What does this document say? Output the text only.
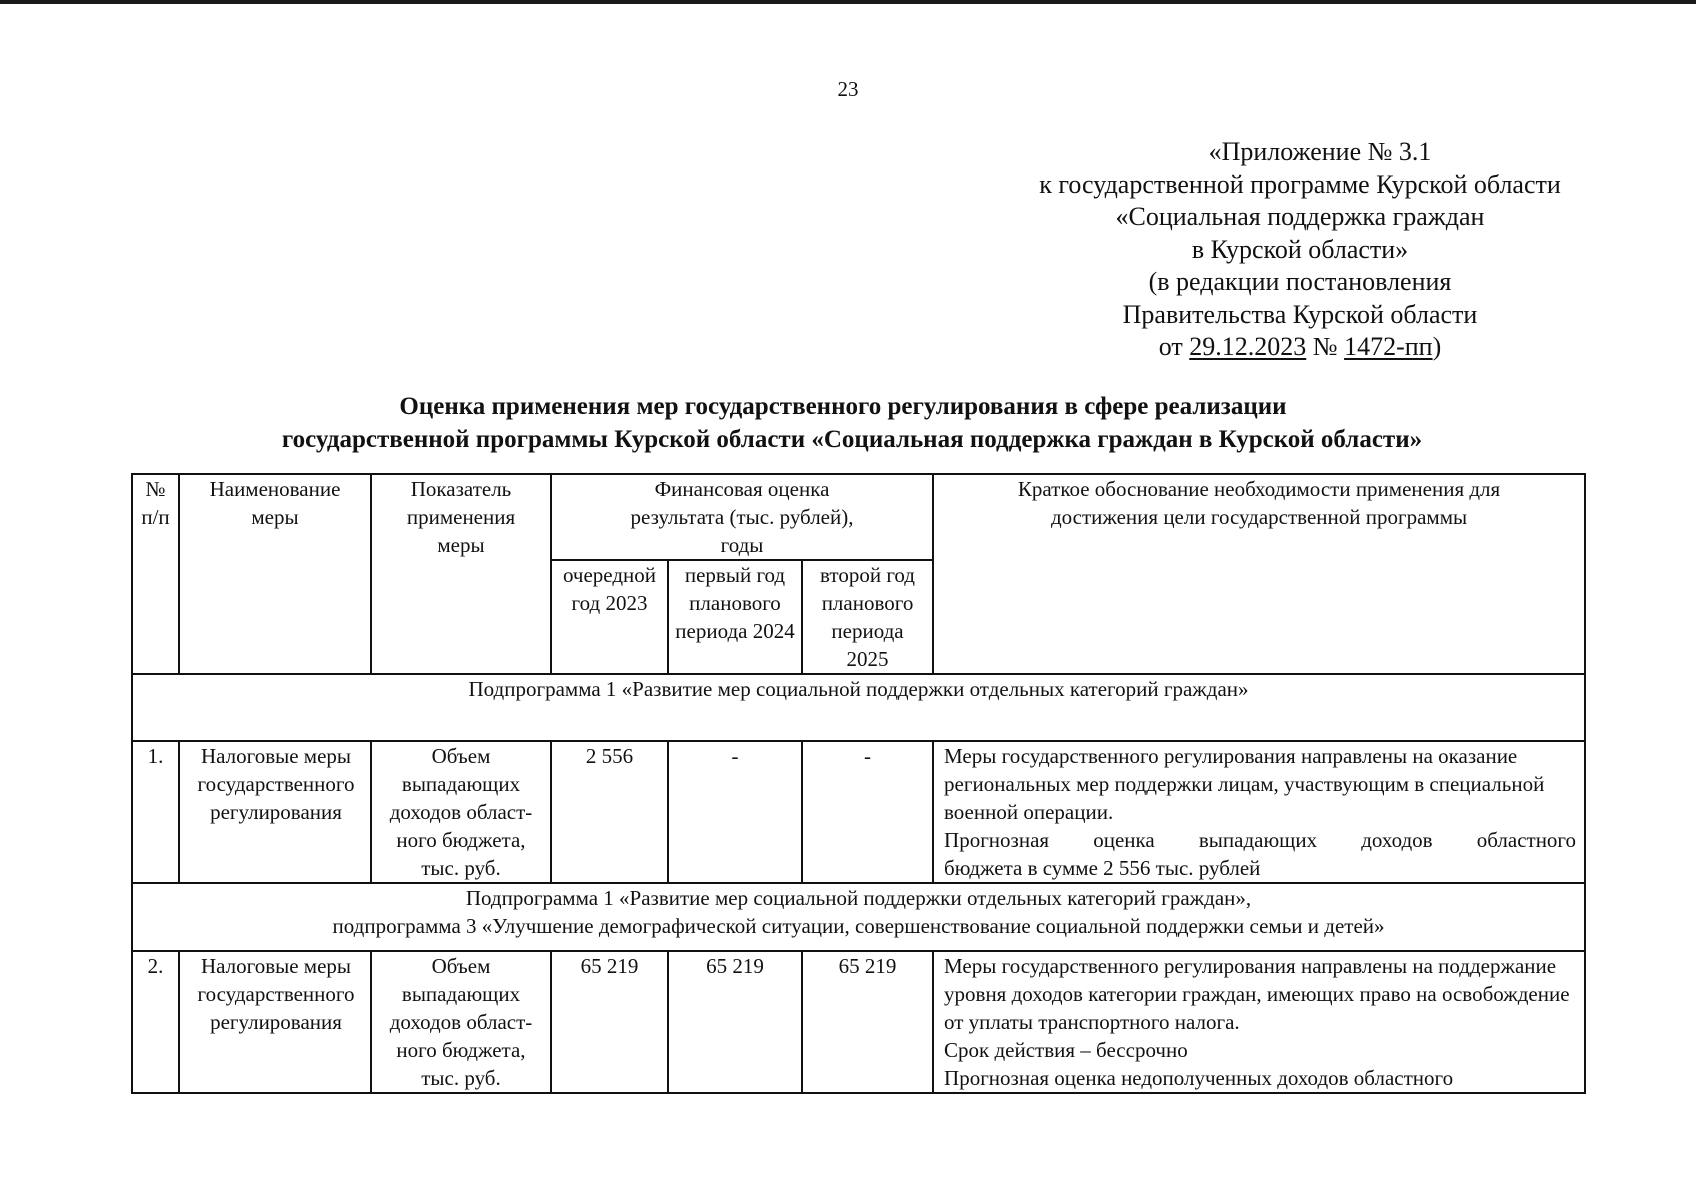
23
«Приложение № 3.1
к государственной программе Курской области
«Социальная поддержка граждан
в Курской области»
(в редакции постановления
Правительства Курской области
от 29.12.2023 № 1472-пп)
Оценка применения мер государственного регулирования в сфере реализации
государственной программы Курской области «Социальная поддержка граждан в Курской области»
№ п/п	Наименование меры	Показатель применения меры	Финансовая оценка результата (тыс. рублей), годы			Краткое обоснование необходимости применения для достижения цели государственной программы
			очередной год 2023	первый год планового периода 2024	второй год планового периода 2025	
Подпрограмма 1 «Развитие мер социальной поддержки отдельных категорий граждан»						
1.	Налоговые меры государственного регулирования	Объем выпадающих доходов област-ного бюджета, тыс. руб.	2 556	-	-	Меры государственного регулирования направлены на оказание региональных мер поддержки лицам, участвующим в специальной военной операции.
Прогнозная оценка выпадающих доходов областного
бюджета в сумме 2 556 тыс. рублей

Подпрограмма 1 «Развитие мер социальной поддержки отдельных категорий граждан»,
подпрограмма 3 «Улучшение демографической ситуации, совершенствование социальной поддержки семьи и детей»						

2.	Налоговые меры государственного регулирования	Объем выпадающих доходов област-ного бюджета, тыс. руб.	65 219	65 219	65 219	Меры государственного регулирования направлены на поддержание уровня доходов категории граждан, имеющих право на освобождение от уплаты транспортного налога.
Срок действия – бессрочно
Прогнозная оценка недополученных доходов областного
